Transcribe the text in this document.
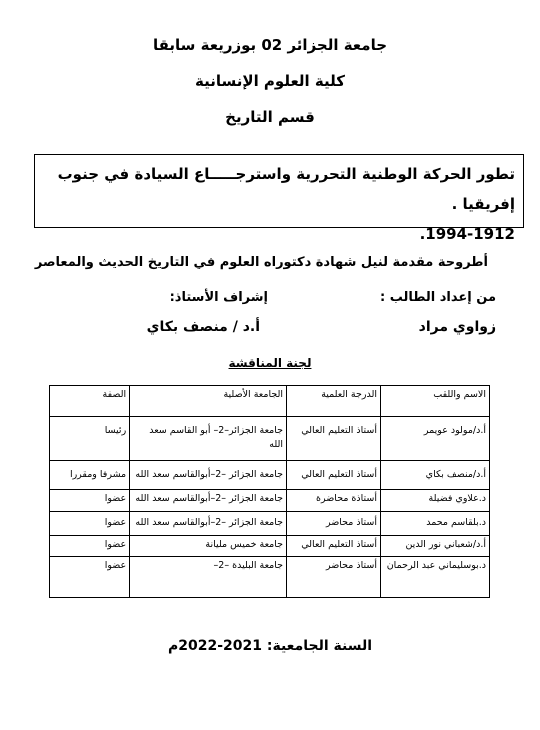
جامعة الجزائر 02 بوزريعة سابقا
كلية العلوم الإنسانية
قسم التاريخ
تطور الحركة الوطنية التحررية واسترجـــــاع السيادة في جنوب إفريقيا .
1994-1912.
أطروحة مقدمة لنيل شهادة دكتوراه العلوم في التاريخ الحديث والمعاصر
من إعداد الطالب :
إشراف الأستاذ:
زواوي مراد
أ.د / منصف بكاي
لجنة المناقشة
الاسم واللقب	الدرجة العلمية	الجامعة الأصلية	الصفة
أ.د/مولود عويمر	أستاذ التعليم العالي	جامعة الجزائر–2– أبو القاسم سعد الله	رئيسا
أ.د/منصف بكاي	أستاذ التعليم العالي	جامعة الجزائر –2–أبوالقاسم سعد الله	مشرفا ومقررا
د.علاوي فضيلة	أستاذة محاضرة	جامعة الجزائر –2–أبوالقاسم سعد الله	عضوا
د.بلقاسم محمد	أستاذ محاضر	جامعة الجزائر –2–أبوالقاسم سعد الله	عضوا
أ.د/شعباني نور الدين	أستاذ التعليم العالي	جامعة خميس مليانة	عضوا
د.بوسليماني عبد الرحمان	أستاذ محاضر	جامعة البليدة –2–	عضوا
السنة الجامعية: 2021-2022م
